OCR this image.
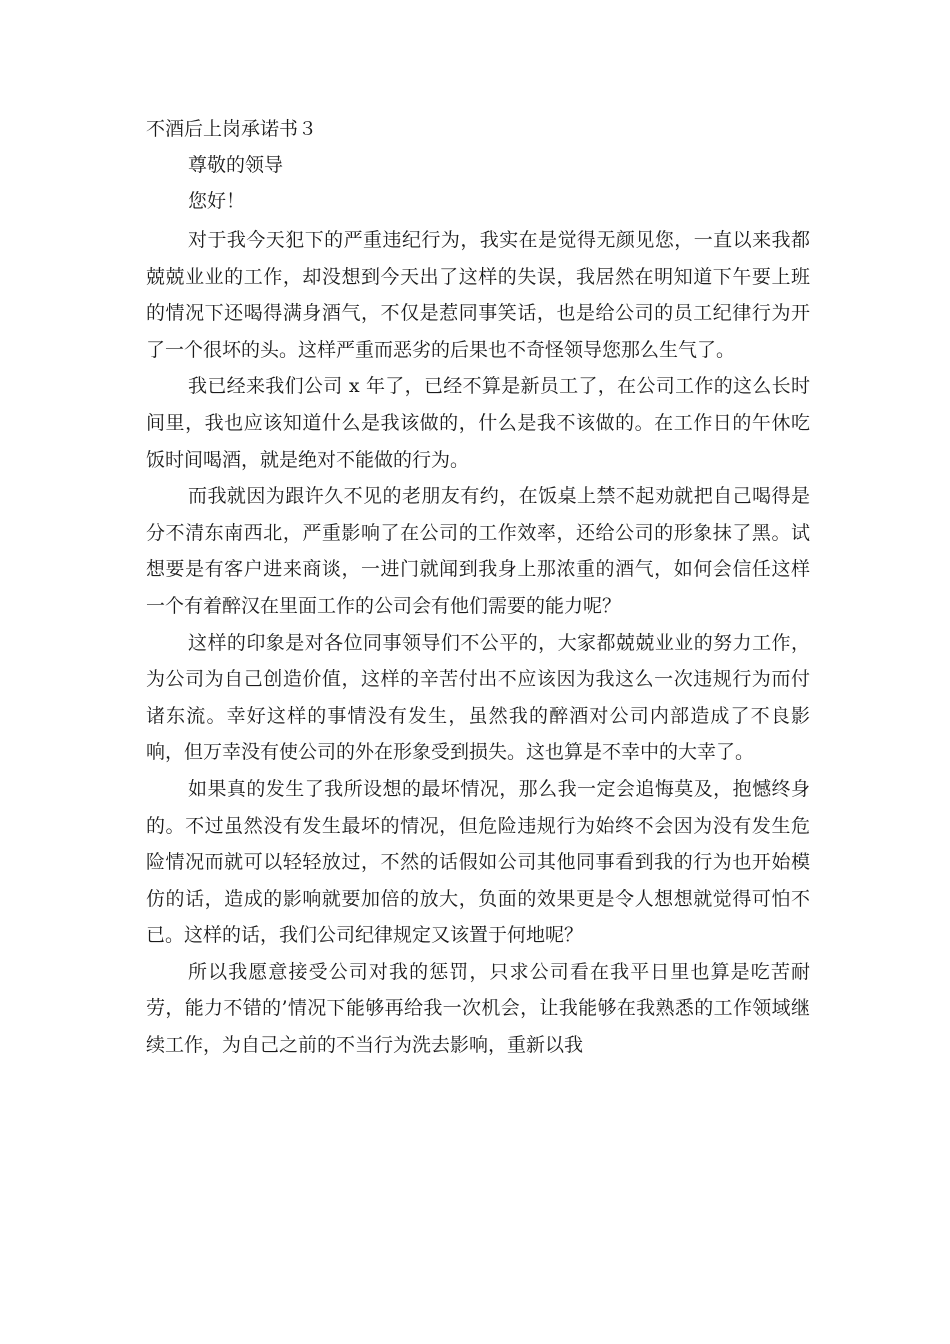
不酒后上岗承诺书３
尊敬的领导
您好！

对于我今天犯下的严重违纪行为，我实在是觉得无颜见您，一直以来我都兢兢业业的工作，却没想到今天出了这样的失误，我居然在明知道下午要上班的情况下还喝得满身酒气，不仅是惹同事笑话，也是给公司的员工纪律行为开了一个很坏的头。这样严重而恶劣的后果也不奇怪领导您那么生气了。

我已经来我们公司 x 年了，已经不算是新员工了，在公司工作的这么长时间里，我也应该知道什么是我该做的，什么是我不该做的。在工作日的午休吃饭时间喝酒，就是绝对不能做的行为。

而我就因为跟许久不见的老朋友有约，在饭桌上禁不起劝就把自己喝得是分不清东南西北，严重影响了在公司的工作效率，还给公司的形象抹了黑。试想要是有客户进来商谈，一进门就闻到我身上那浓重的酒气，如何会信任这样一个有着醉汉在里面工作的公司会有他们需要的能力呢？

这样的印象是对各位同事领导们不公平的，大家都兢兢业业的努力工作，为公司为自己创造价值，这样的辛苦付出不应该因为我这么一次违规行为而付诸东流。幸好这样的事情没有发生，虽然我的醉酒对公司内部造成了不良影响，但万幸没有使公司的外在形象受到损失。这也算是不幸中的大幸了。

如果真的发生了我所设想的最坏情况，那么我一定会追悔莫及，抱憾终身的。不过虽然没有发生最坏的情况，但危险违规行为始终不会因为没有发生危险情况而就可以轻轻放过，不然的话假如公司其他同事看到我的行为也开始模仿的话，造成的影响就要加倍的放大，负面的效果更是令人想想就觉得可怕不已。这样的话，我们公司纪律规定又该置于何地呢？

所以我愿意接受公司对我的惩罚，只求公司看在我平日里也算是吃苦耐劳，能力不错的’情况下能够再给我一次机会，让我能够在我熟悉的工作领域继续工作，为自己之前的不当行为洗去影响，重新以我
